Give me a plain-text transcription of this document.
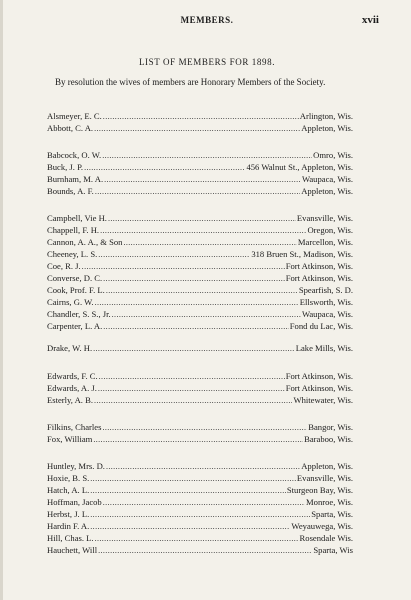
MEMBERS.	xvii
LIST OF MEMBERS FOR 1898.
By resolution the wives of members are Honorary Members of the Society.
Alsmeyer, E. C. .....	Arlington, Wis.
Abbott, C. A. .....	Appleton, Wis.
Babcock, O. W. .....	Omro, Wis.
Buck, J. P. .....	456 Walnut St., Appleton, Wis.
Burnham, M. A. .....	Waupaca, Wis.
Bounds, A. F. .....	Appleton, Wis.
Campbell, Vie H. .....	Evansville, Wis.
Chappell, F. H. .....	Oregon, Wis.
Cannon, A. A., & Son .....	Marcellon, Wis.
Cheeney, L. S. .....	318 Bruen St., Madison, Wis.
Coe, R. J. .....	Fort Atkinson, Wis.
Converse, D. C. .....	Fort Atkinson, Wis.
Cook, Prof. F. L. .....	Spearfish, S. D.
Cairns, G. W. .....	Ellsworth, Wis.
Chandler, S. S., Jr. .....	Waupaca, Wis.
Carpenter, L. A. .....	Fond du Lac, Wis.
Drake, W. H. .....	Lake Mills, Wis.
Edwards, F. C. .....	Fort Atkinson, Wis.
Edwards, A. J. .....	Fort Atkinson, Wis.
Esterly, A. B. .....	Whitewater, Wis.
Filkins, Charles .....	Bangor, Wis.
Fox, William .....	Baraboo, Wis.
Huntley, Mrs. D. .....	Appleton, Wis.
Hoxie, B. S. .....	Evansville, Wis.
Hatch, A. L. .....	Sturgeon Bay, Wis.
Hoffman, Jacob .....	Monroe, Wis.
Herbst, J. L. .....	Sparta, Wis.
Hardin F. A. .....	Weyauwega, Wis.
Hill, Chas. L. .....	Rosendale Wis.
Hauchett, Will .....	Sparta, Wis
